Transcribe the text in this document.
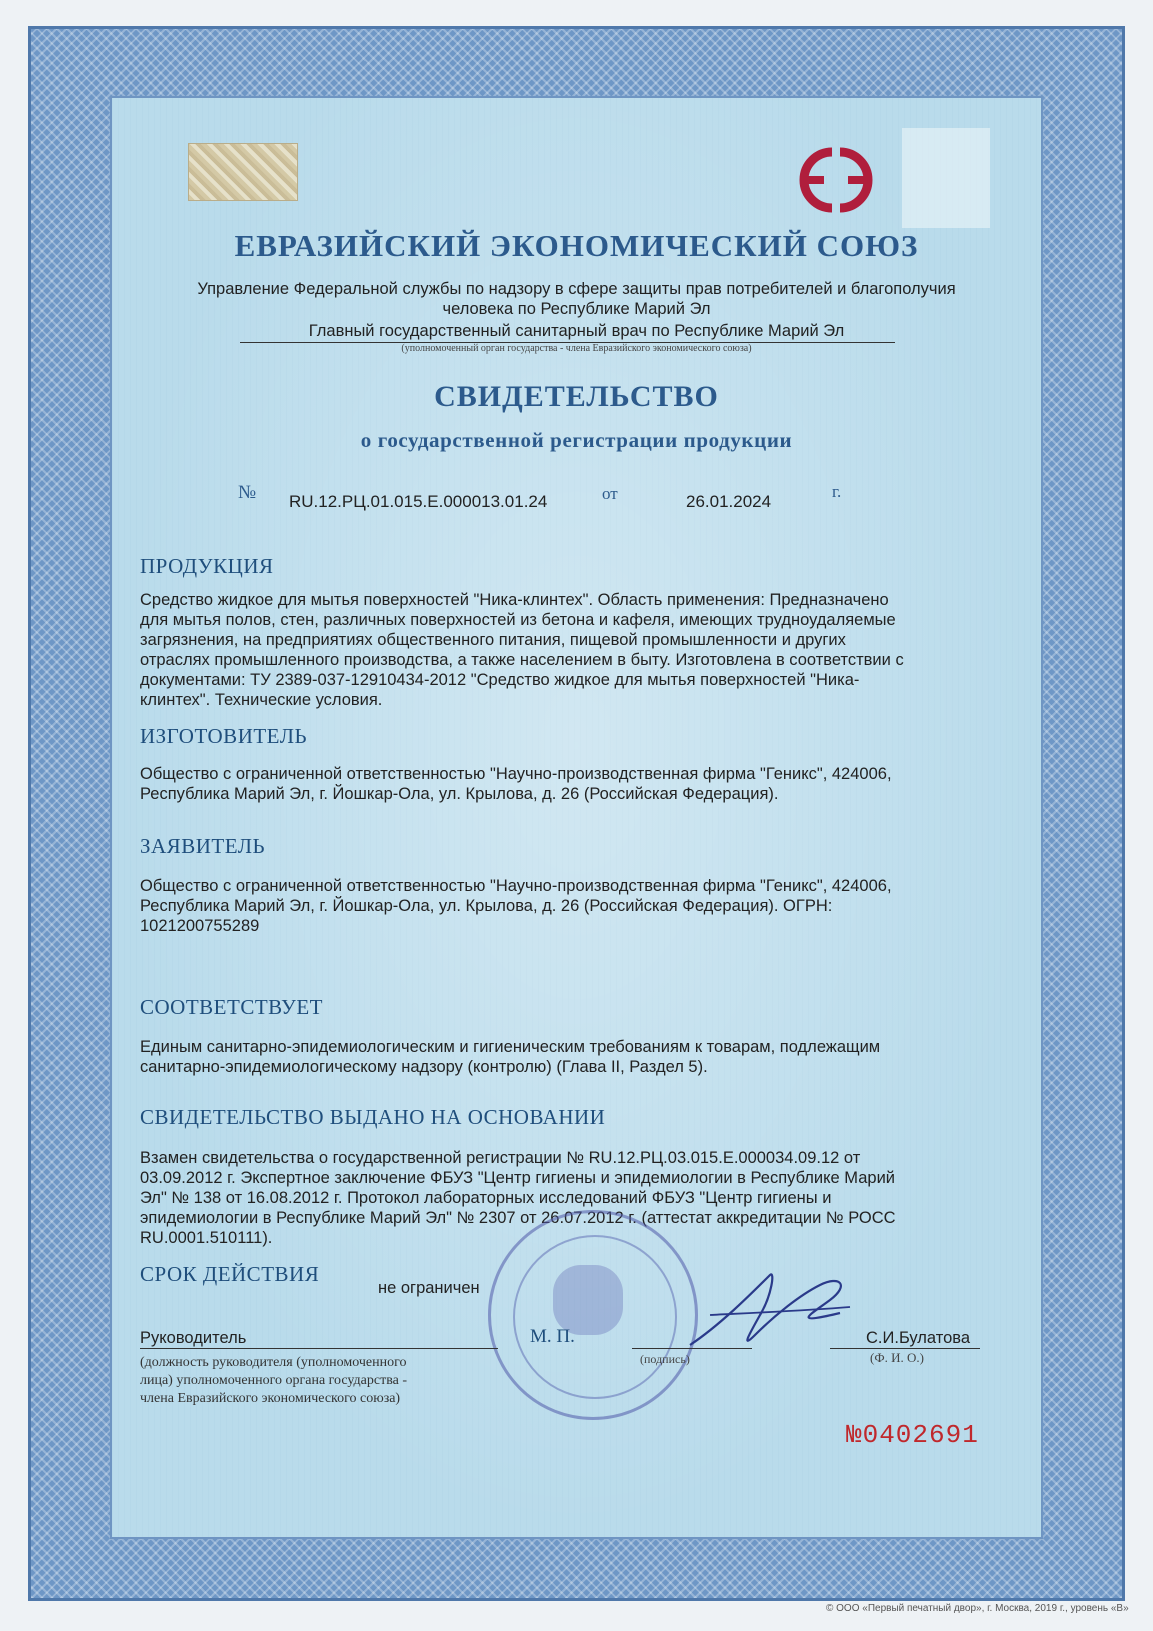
ЕВРАЗИЙСКИЙ ЭКОНОМИЧЕСКИЙ СОЮЗ
Управление Федеральной службы по надзору в сфере защиты прав потребителей и благополучия
человека по Республике Марий Эл
Главный государственный санитарный врач по Республике Марий Эл
(уполномоченный орган государства - члена Евразийского экономического союза)
СВИДЕТЕЛЬСТВО
о государственной регистрации продукции
№ RU.12.РЦ.01.015.Е.000013.01.24	от	26.01.2024
г.
ПРОДУКЦИЯ
Средство жидкое для мытья поверхностей "Ника-клинтех". Область применения: Предназначено
для мытья полов, стен, различных поверхностей из бетона и кафеля, имеющих трудноудаляемые
загрязнения, на предприятиях общественного питания, пищевой промышленности и других
отраслях промышленного производства, а также населением в быту. Изготовлена в соответствии с
документами: ТУ 2389-037-12910434-2012 "Средство жидкое для мытья поверхностей "Ника-
клинтех". Технические условия.
ИЗГОТОВИТЕЛЬ
Общество с ограниченной ответственностью "Научно-производственная фирма "Геникс", 424006,
Республика Марий Эл, г. Йошкар-Ола, ул. Крылова, д. 26 (Российская Федерация).
ЗАЯВИТЕЛЬ
Общество с ограниченной ответственностью "Научно-производственная фирма "Геникс", 424006,
Республика Марий Эл, г. Йошкар-Ола, ул. Крылова, д. 26 (Российская Федерация). ОГРН:
1021200755289
СООТВЕТСТВУЕТ
Единым санитарно-эпидемиологическим и гигиеническим требованиям к товарам, подлежащим
санитарно-эпидемиологическому надзору (контролю) (Глава II, Раздел 5).
СВИДЕТЕЛЬСТВО ВЫДАНО НА ОСНОВАНИИ
Взамен свидетельства о государственной регистрации № RU.12.РЦ.03.015.Е.000034.09.12 от
03.09.2012 г. Экспертное заключение ФБУЗ "Центр гигиены и эпидемиологии в Республике Марий
Эл" № 138 от 16.08.2012 г. Протокол лабораторных исследований ФБУЗ "Центр гигиены и
эпидемиологии в Республике Марий Эл" № 2307 от 26.07.2012 г. (аттестат аккредитации № РОСС
RU.0001.510111).
СРОК ДЕЙСТВИЯ
не ограничен
Руководитель	М. П.
(подпись)
С.И.Булатова
(Ф. И. О.)
(должность руководителя (уполномоченного
лица) уполномоченного органа государства -
члена Евразийского экономического союза)
№0402691
© ООО «Первый печатный двор», г. Москва, 2019 г., уровень «В»
